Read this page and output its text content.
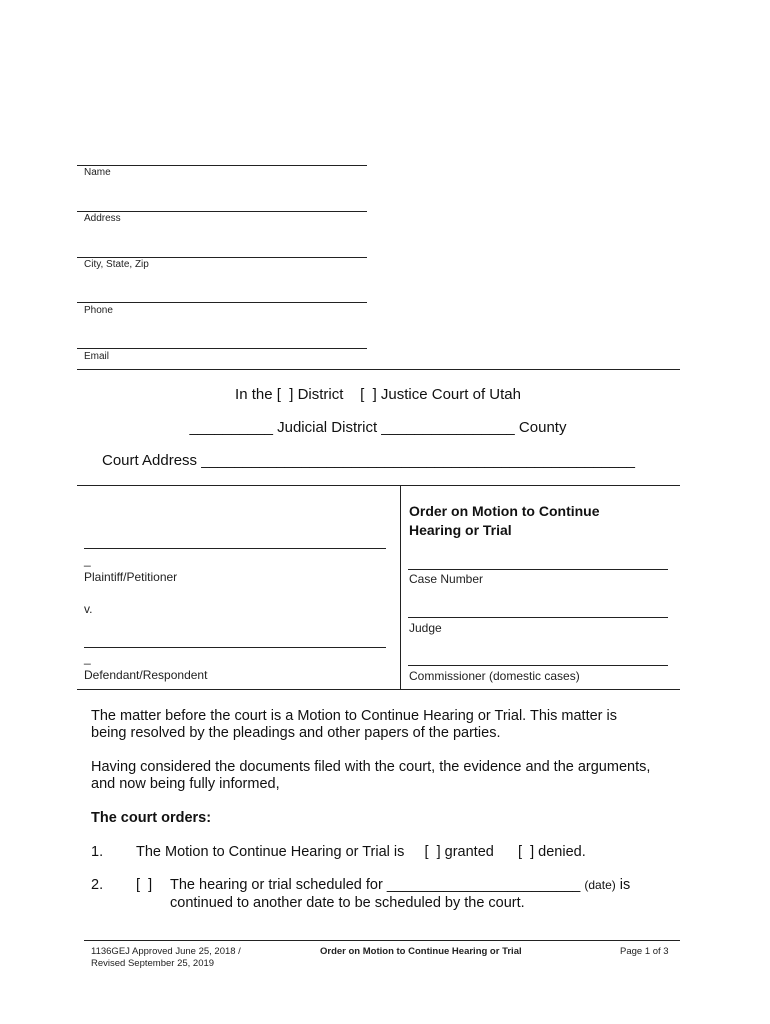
Name
Address
City, State, Zip
Phone
Email
In the [  ] District    [  ] Justice Court of Utah
__________ Judicial District ________________ County
Court Address ____________________________________________________
_
Plaintiff/Petitioner
v.
_
Defendant/Respondent
Order on Motion to Continue
Hearing or Trial
Case Number
Judge
Commissioner (domestic cases)
The matter before the court is a Motion to Continue Hearing or Trial. This matter is
being resolved by the pleadings and other papers of the parties.
Having considered the documents filed with the court, the evidence and the arguments,
and now being fully informed,
The court orders:
1. The Motion to Continue Hearing or Trial is     [  ] granted      [  ] denied.
2. [  ] The hearing or trial scheduled for ________________________ (date) is
continued to another date to be scheduled by the court.
1136GEJ Approved June 25, 2018 /
Revised September 25, 2019
Order on Motion to Continue Hearing or Trial	Page 1 of 3
